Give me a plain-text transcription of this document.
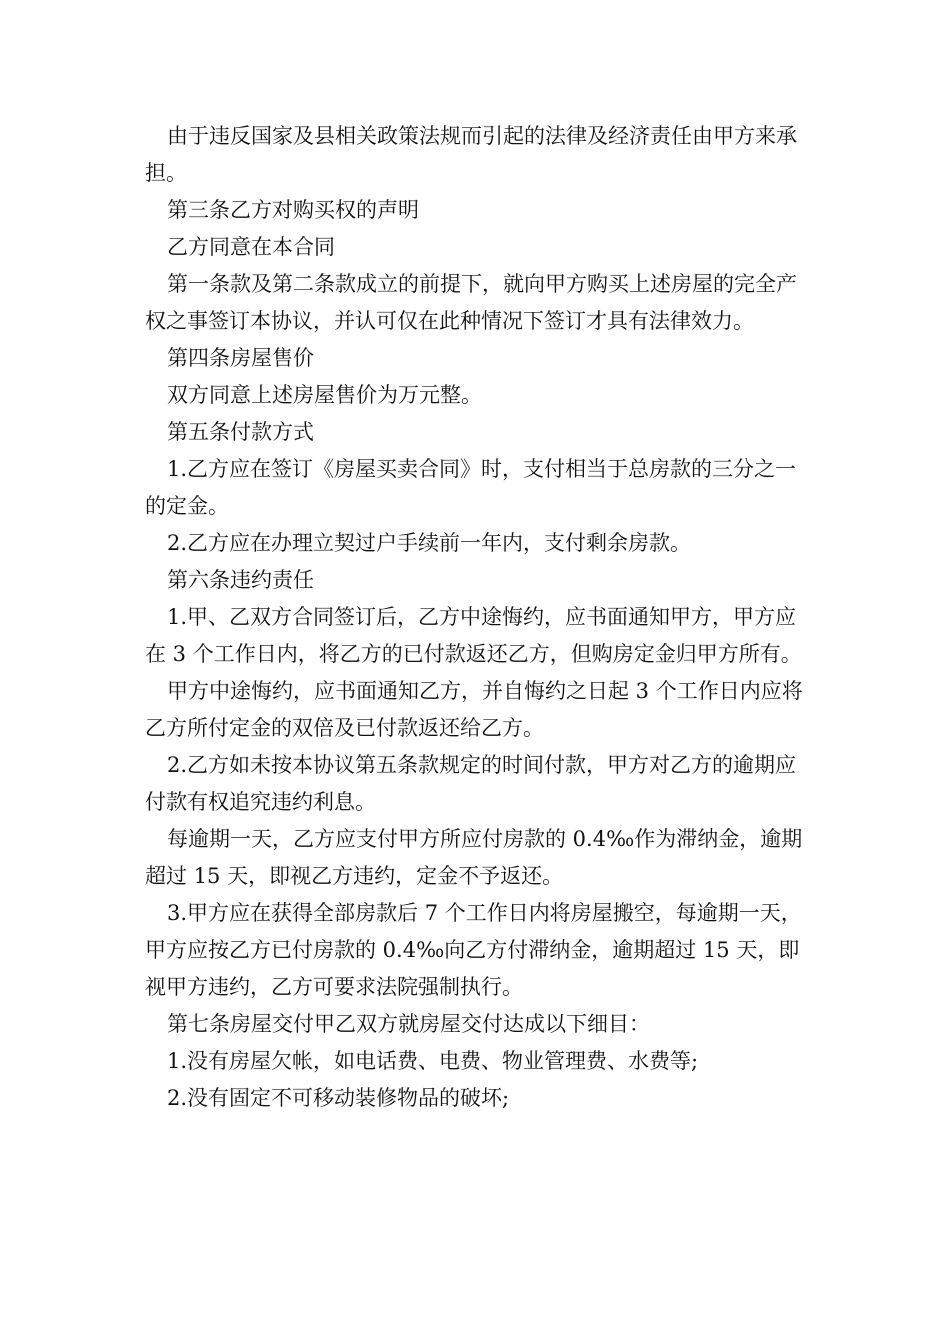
由于违反国家及县相关政策法规而引起的法律及经济责任由甲方来承担。

第三条乙方对购买权的声明

乙方同意在本合同

第一条款及第二条款成立的前提下，就向甲方购买上述房屋的完全产权之事签订本协议，并认可仅在此种情况下签订才具有法律效力。

第四条房屋售价

双方同意上述房屋售价为万元整。

第五条付款方式

1.乙方应在签订《房屋买卖合同》时，支付相当于总房款的三分之一的定金。

2.乙方应在办理立契过户手续前一年内，支付剩余房款。

第六条违约责任

1.甲、乙双方合同签订后，乙方中途悔约，应书面通知甲方，甲方应在 3 个工作日内，将乙方的已付款返还乙方，但购房定金归甲方所有。

甲方中途悔约，应书面通知乙方，并自悔约之日起 3 个工作日内应将乙方所付定金的双倍及已付款返还给乙方。

2.乙方如未按本协议第五条款规定的时间付款，甲方对乙方的逾期应付款有权追究违约利息。

每逾期一天，乙方应支付甲方所应付房款的 0.4‰作为滞纳金，逾期超过 15 天，即视乙方违约，定金不予返还。

3.甲方应在获得全部房款后 7 个工作日内将房屋搬空，每逾期一天，甲方应按乙方已付房款的 0.4‰向乙方付滞纳金，逾期超过 15 天，即视甲方违约，乙方可要求法院强制执行。

第七条房屋交付甲乙双方就房屋交付达成以下细目：

1.没有房屋欠帐，如电话费、电费、物业管理费、水费等;

2.没有固定不可移动装修物品的破坏;
